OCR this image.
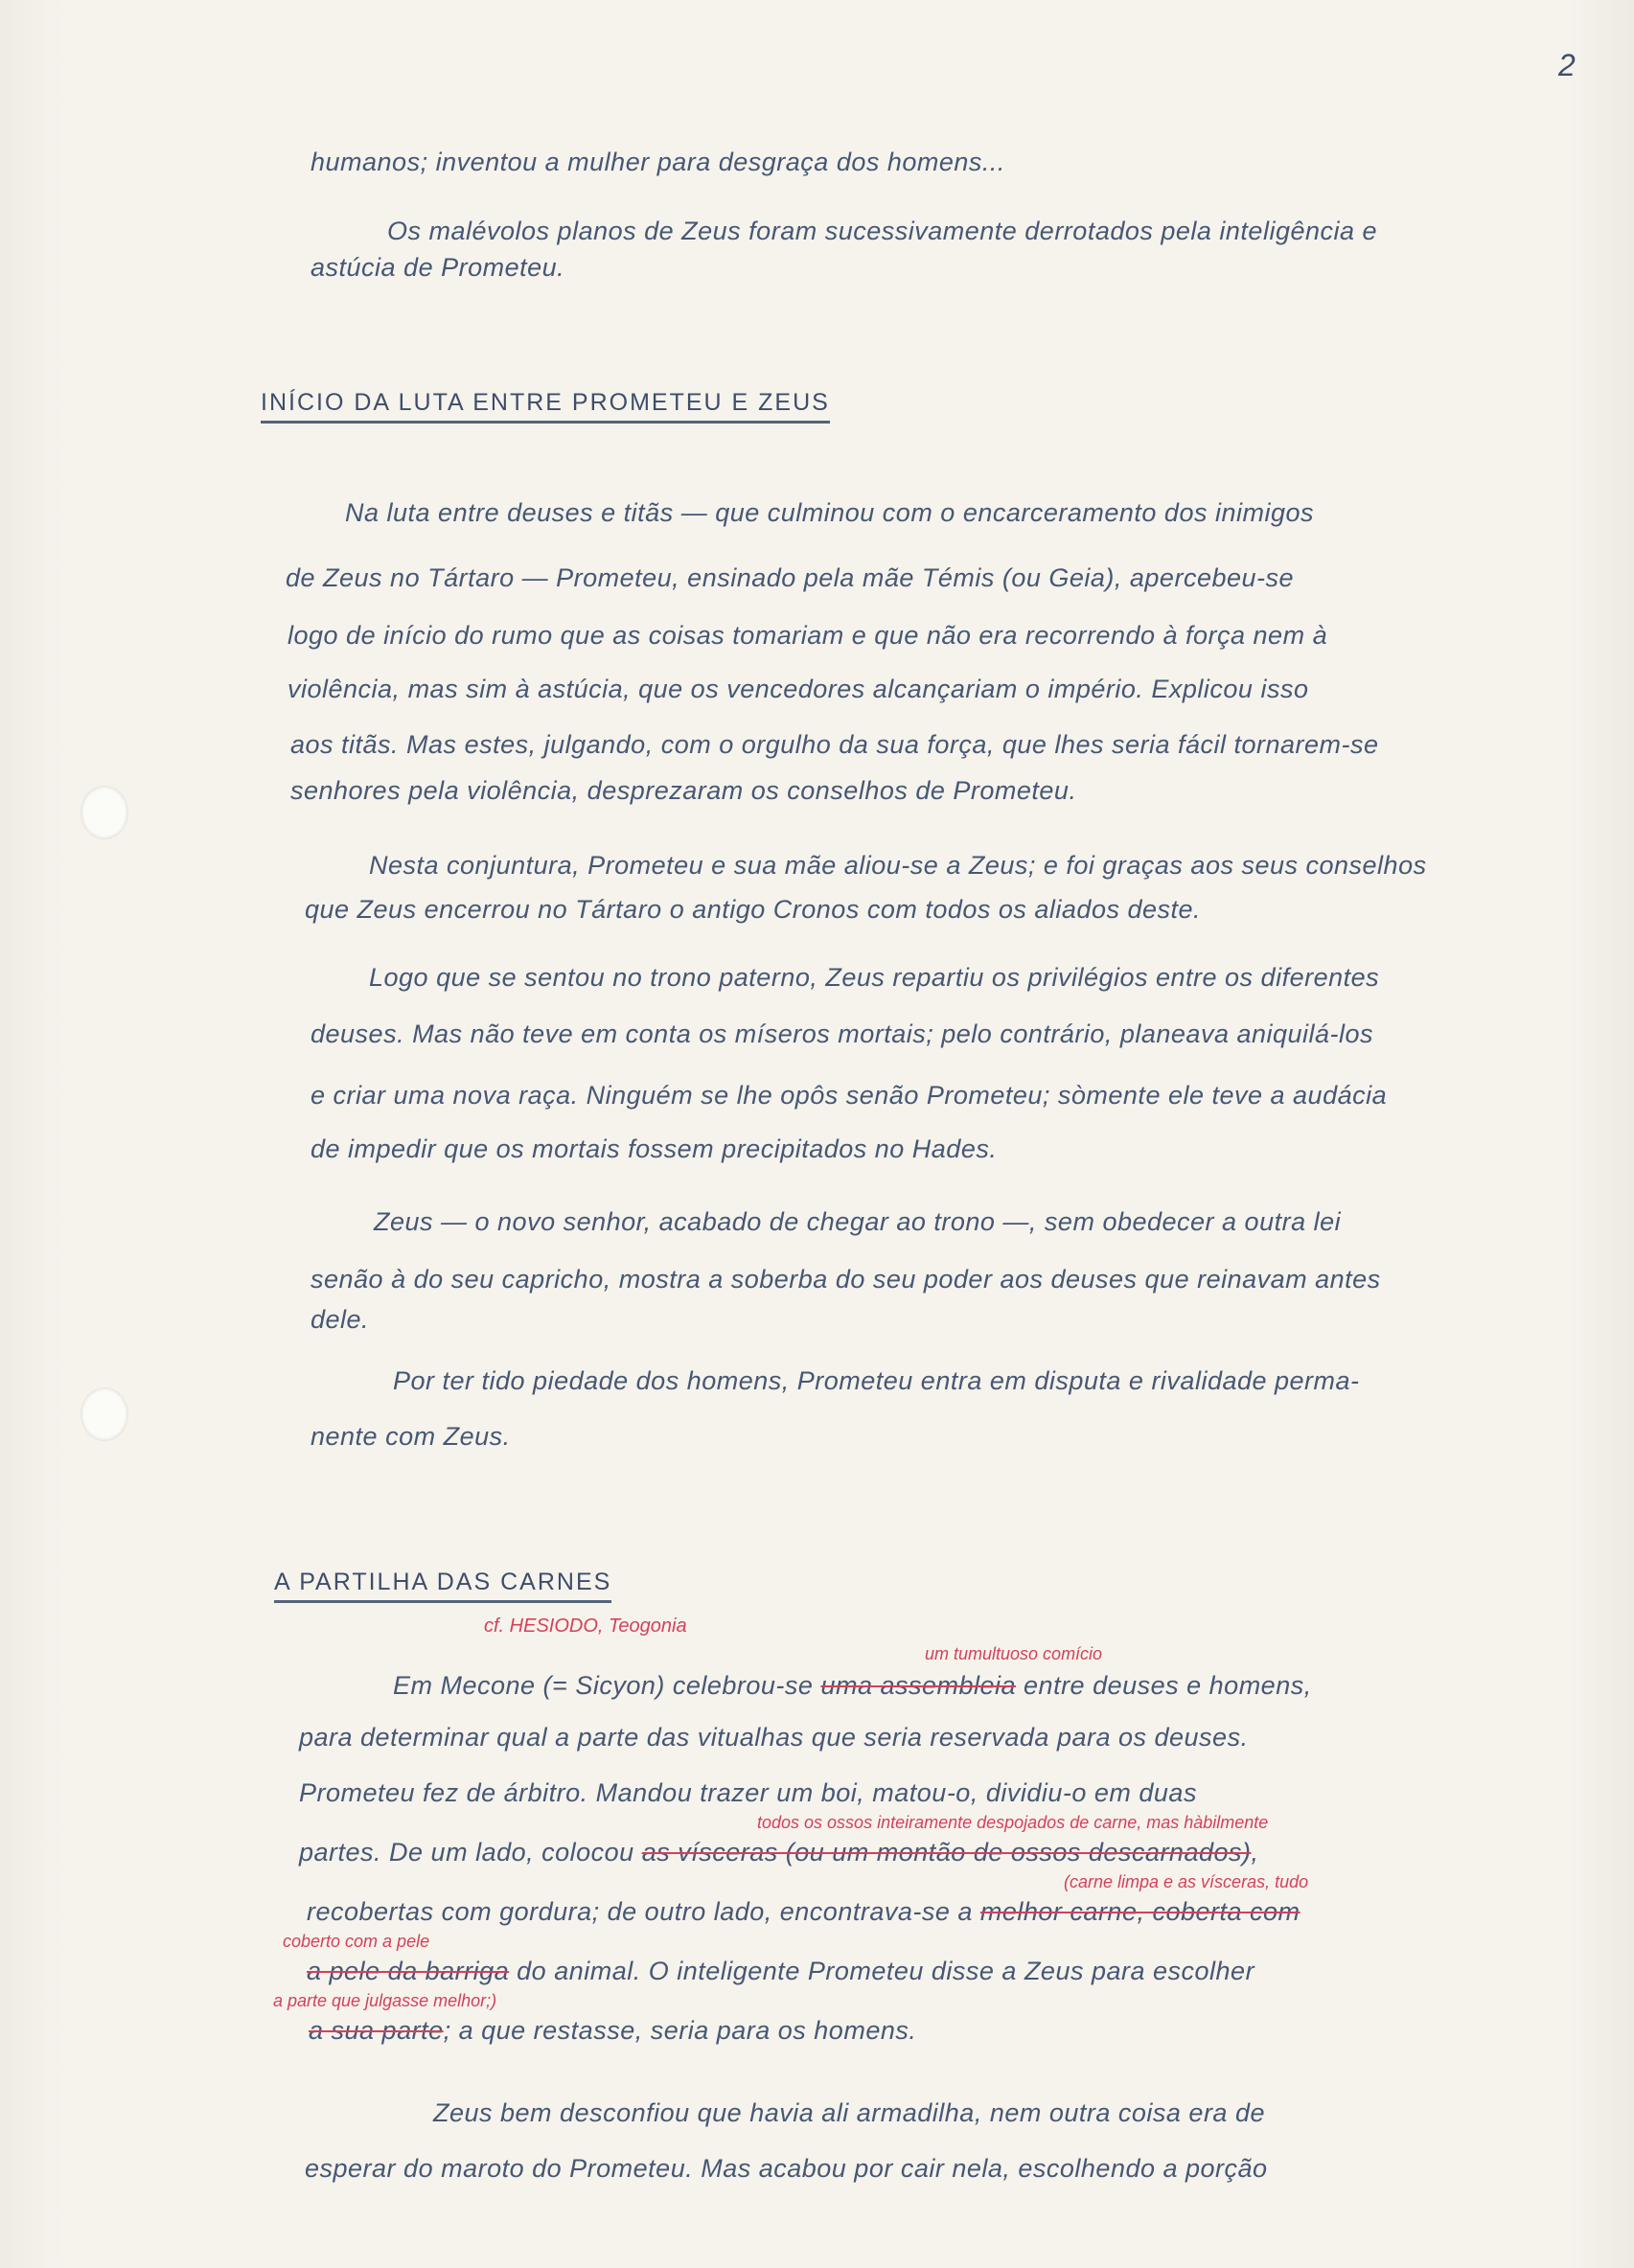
2
humanos; inventou a mulher para desgraça dos homens...
Os malévolos planos de Zeus foram sucessivamente derrotados pela inteligência e
astúcia de Prometeu.
INÍCIO DA LUTA ENTRE PROMETEU E ZEUS
Na luta entre deuses e titãs — que culminou com o encarceramento dos inimigos
de Zeus no Tártaro — Prometeu, ensinado pela mãe Témis (ou Geia), apercebeu-se
logo de início do rumo que as coisas tomariam e que não era recorrendo à força nem à
violência, mas sim à astúcia, que os vencedores alcançariam o império. Explicou isso
aos titãs. Mas estes, julgando, com o orgulho da sua força, que lhes seria fácil tornarem-se
senhores pela violência, desprezaram os conselhos de Prometeu.
Nesta conjuntura, Prometeu e sua mãe aliou-se a Zeus; e foi graças aos seus conselhos
que Zeus encerrou no Tártaro o antigo Cronos com todos os aliados deste.
Logo que se sentou no trono paterno, Zeus repartiu os privilégios entre os diferentes
deuses. Mas não teve em conta os míseros mortais; pelo contrário, planeava aniquilá-los
e criar uma nova raça. Ninguém se lhe opôs senão Prometeu; sòmente ele teve a audácia
de impedir que os mortais fossem precipitados no Hades.
Zeus — o novo senhor, acabado de chegar ao trono —, sem obedecer a outra lei
senão à do seu capricho, mostra a soberba do seu poder aos deuses que reinavam antes
dele.
Por ter tido piedade dos homens, Prometeu entra em disputa e rivalidade perma-
nente com Zeus.
A PARTILHA DAS CARNES
cf. HESIODO, Teogonia
um tumultuoso comício
Em Mecone (= Sicyon) celebrou-se uma assembleia entre deuses e homens,
para determinar qual a parte das vitualhas que seria reservada para os deuses.
Prometeu fez de árbitro. Mandou trazer um boi, matou-o, dividiu-o em duas
todos os ossos inteiramente despojados de carne, mas hàbilmente
partes. De um lado, colocou as vísceras (ou um montão de ossos descarnados),
(carne limpa e as vísceras, tudo
recobertas com gordura; de outro lado, encontrava-se a melhor carne, coberta com
coberto com a pele
a pele da barriga do animal. O inteligente Prometeu disse a Zeus para escolher
a parte que julgasse melhor;)
a sua parte; a que restasse, seria para os homens.
Zeus bem desconfiou que havia ali armadilha, nem outra coisa era de
esperar do maroto do Prometeu. Mas acabou por cair nela, escolhendo a porção
